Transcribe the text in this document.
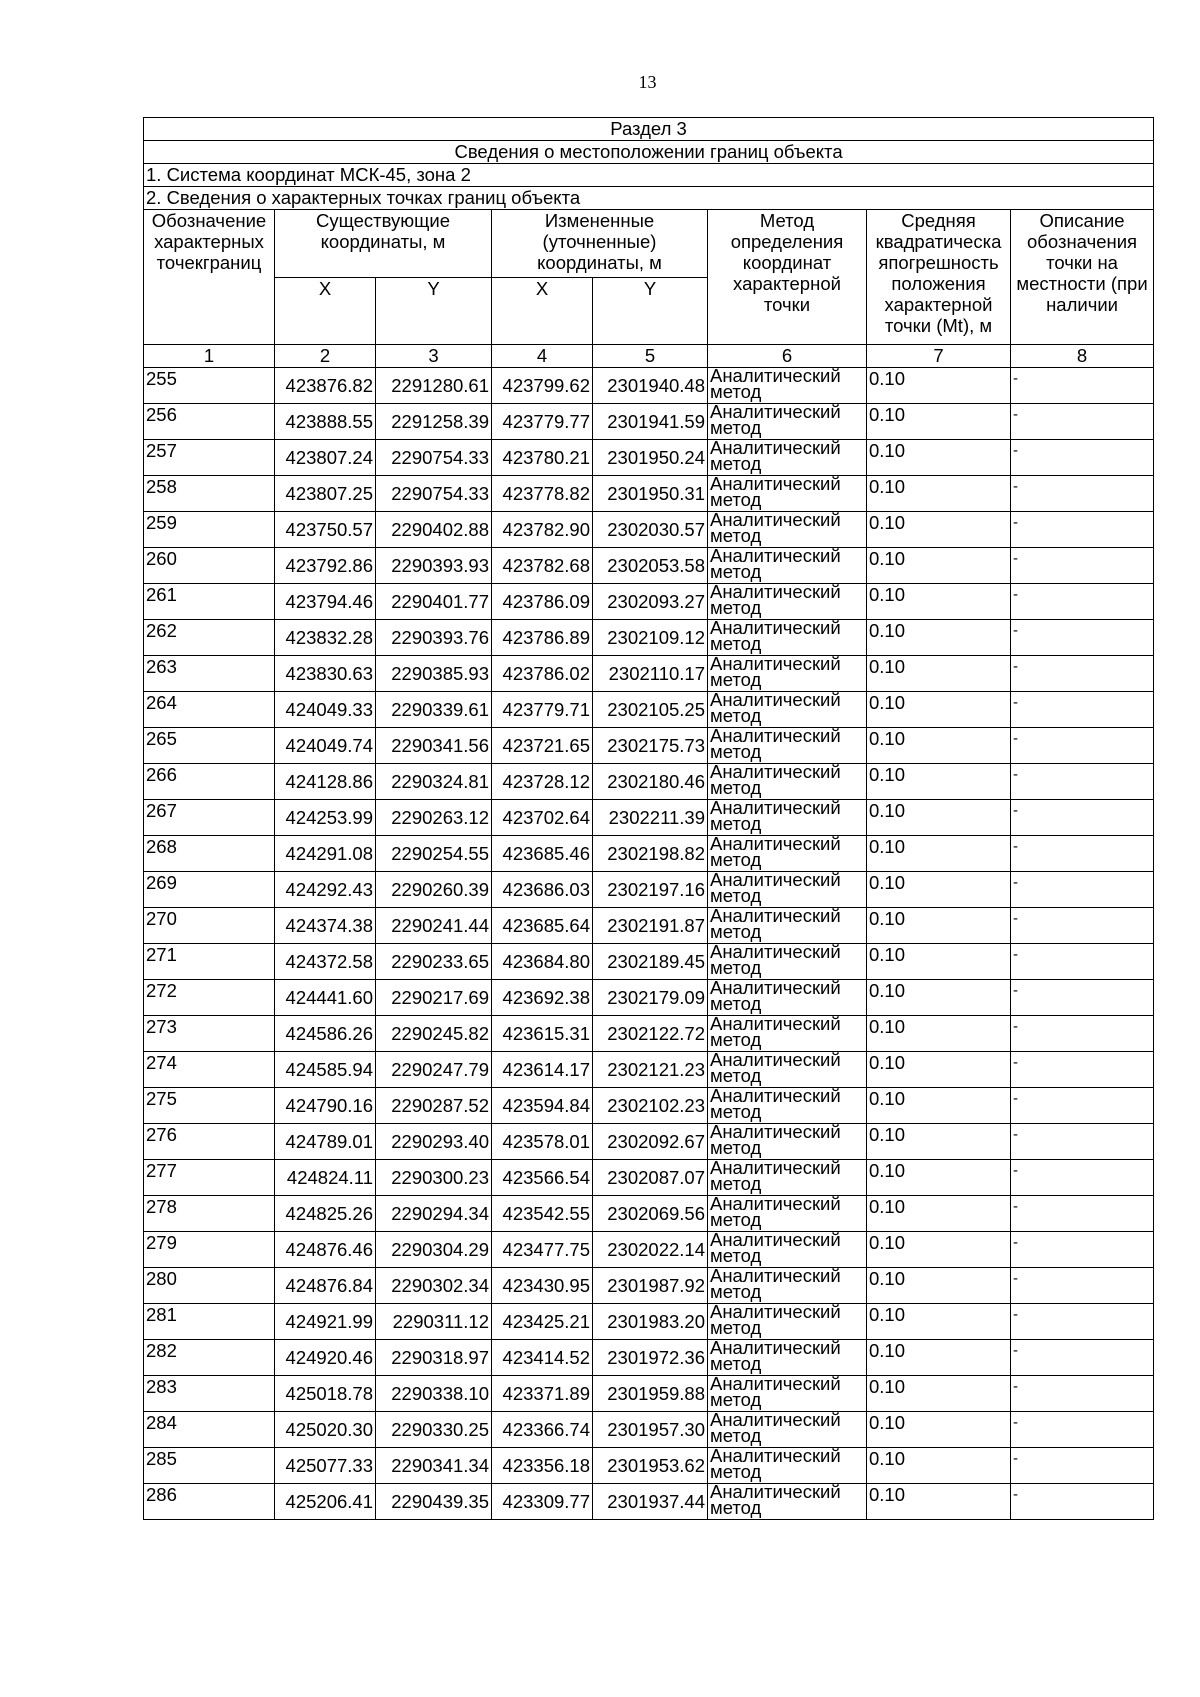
13
Раздел 3							
Сведения о местоположении границ объекта							
1. Система координат МСК-45, зона 2							
2. Сведения о характерных точках границ объекта							
Обозначение характерных точекграниц	Существующие координаты, м		Измененные (уточненные) координаты, м		Метод определения координат характерной точки	Средняя квадратическа япогрешность положения характерной точки (Mt), м	Описание обозначения точки на местности (при наличии
	X	Y	X	Y			
1	2	3	4	5	6	7	8
255	423876.82	2291280.61	423799.62	2301940.48	Аналитический метод	0.10	-
256	423888.55	2291258.39	423779.77	2301941.59	Аналитический метод	0.10	-
257	423807.24	2290754.33	423780.21	2301950.24	Аналитический метод	0.10	-
258	423807.25	2290754.33	423778.82	2301950.31	Аналитический метод	0.10	-
259	423750.57	2290402.88	423782.90	2302030.57	Аналитический метод	0.10	-
260	423792.86	2290393.93	423782.68	2302053.58	Аналитический метод	0.10	-
261	423794.46	2290401.77	423786.09	2302093.27	Аналитический метод	0.10	-
262	423832.28	2290393.76	423786.89	2302109.12	Аналитический метод	0.10	-
263	423830.63	2290385.93	423786.02	2302110.17	Аналитический метод	0.10	-
264	424049.33	2290339.61	423779.71	2302105.25	Аналитический метод	0.10	-
265	424049.74	2290341.56	423721.65	2302175.73	Аналитический метод	0.10	-
266	424128.86	2290324.81	423728.12	2302180.46	Аналитический метод	0.10	-
267	424253.99	2290263.12	423702.64	2302211.39	Аналитический метод	0.10	-
268	424291.08	2290254.55	423685.46	2302198.82	Аналитический метод	0.10	-
269	424292.43	2290260.39	423686.03	2302197.16	Аналитический метод	0.10	-
270	424374.38	2290241.44	423685.64	2302191.87	Аналитический метод	0.10	-
271	424372.58	2290233.65	423684.80	2302189.45	Аналитический метод	0.10	-
272	424441.60	2290217.69	423692.38	2302179.09	Аналитический метод	0.10	-
273	424586.26	2290245.82	423615.31	2302122.72	Аналитический метод	0.10	-
274	424585.94	2290247.79	423614.17	2302121.23	Аналитический метод	0.10	-
275	424790.16	2290287.52	423594.84	2302102.23	Аналитический метод	0.10	-
276	424789.01	2290293.40	423578.01	2302092.67	Аналитический метод	0.10	-
277	424824.11	2290300.23	423566.54	2302087.07	Аналитический метод	0.10	-
278	424825.26	2290294.34	423542.55	2302069.56	Аналитический метод	0.10	-
279	424876.46	2290304.29	423477.75	2302022.14	Аналитический метод	0.10	-
280	424876.84	2290302.34	423430.95	2301987.92	Аналитический метод	0.10	-
281	424921.99	2290311.12	423425.21	2301983.20	Аналитический метод	0.10	-
282	424920.46	2290318.97	423414.52	2301972.36	Аналитический метод	0.10	-
283	425018.78	2290338.10	423371.89	2301959.88	Аналитический метод	0.10	-
284	425020.30	2290330.25	423366.74	2301957.30	Аналитический метод	0.10	-
285	425077.33	2290341.34	423356.18	2301953.62	Аналитический метод	0.10	-
286	425206.41	2290439.35	423309.77	2301937.44	Аналитический метод	0.10	-
